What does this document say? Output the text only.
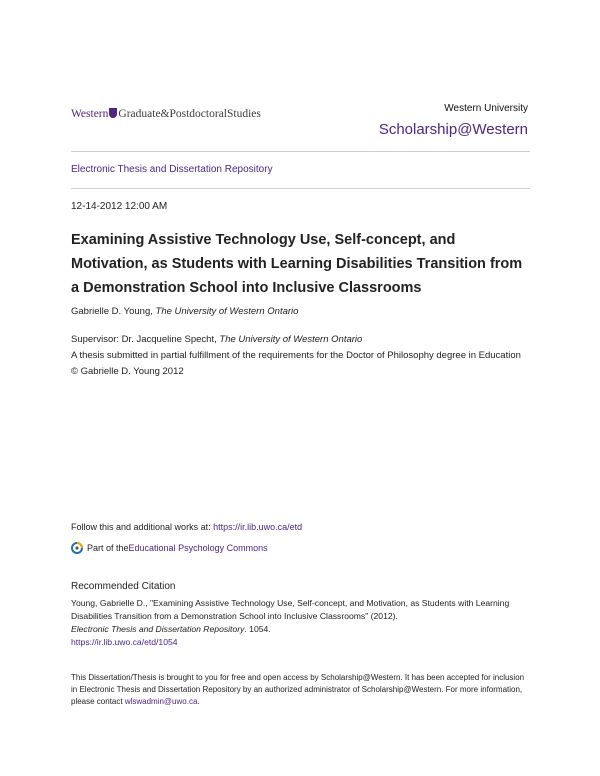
Western Graduate&PostdoctoralStudies	Western University
Scholarship@Western
Electronic Thesis and Dissertation Repository
12-14-2012 12:00 AM
Examining Assistive Technology Use, Self-concept, and Motivation, as Students with Learning Disabilities Transition from a Demonstration School into Inclusive Classrooms
Gabrielle D. Young, The University of Western Ontario
Supervisor: Dr. Jacqueline Specht, The University of Western Ontario
A thesis submitted in partial fulfillment of the requirements for the Doctor of Philosophy degree in Education
© Gabrielle D. Young 2012
Follow this and additional works at: https://ir.lib.uwo.ca/etd
Part of the Educational Psychology Commons
Recommended Citation
Young, Gabrielle D., "Examining Assistive Technology Use, Self-concept, and Motivation, as Students with Learning Disabilities Transition from a Demonstration School into Inclusive Classrooms" (2012).
Electronic Thesis and Dissertation Repository. 1054.
https://ir.lib.uwo.ca/etd/1054
This Dissertation/Thesis is brought to you for free and open access by Scholarship@Western. It has been accepted for inclusion in Electronic Thesis and Dissertation Repository by an authorized administrator of Scholarship@Western. For more information, please contact wlswadmin@uwo.ca.
